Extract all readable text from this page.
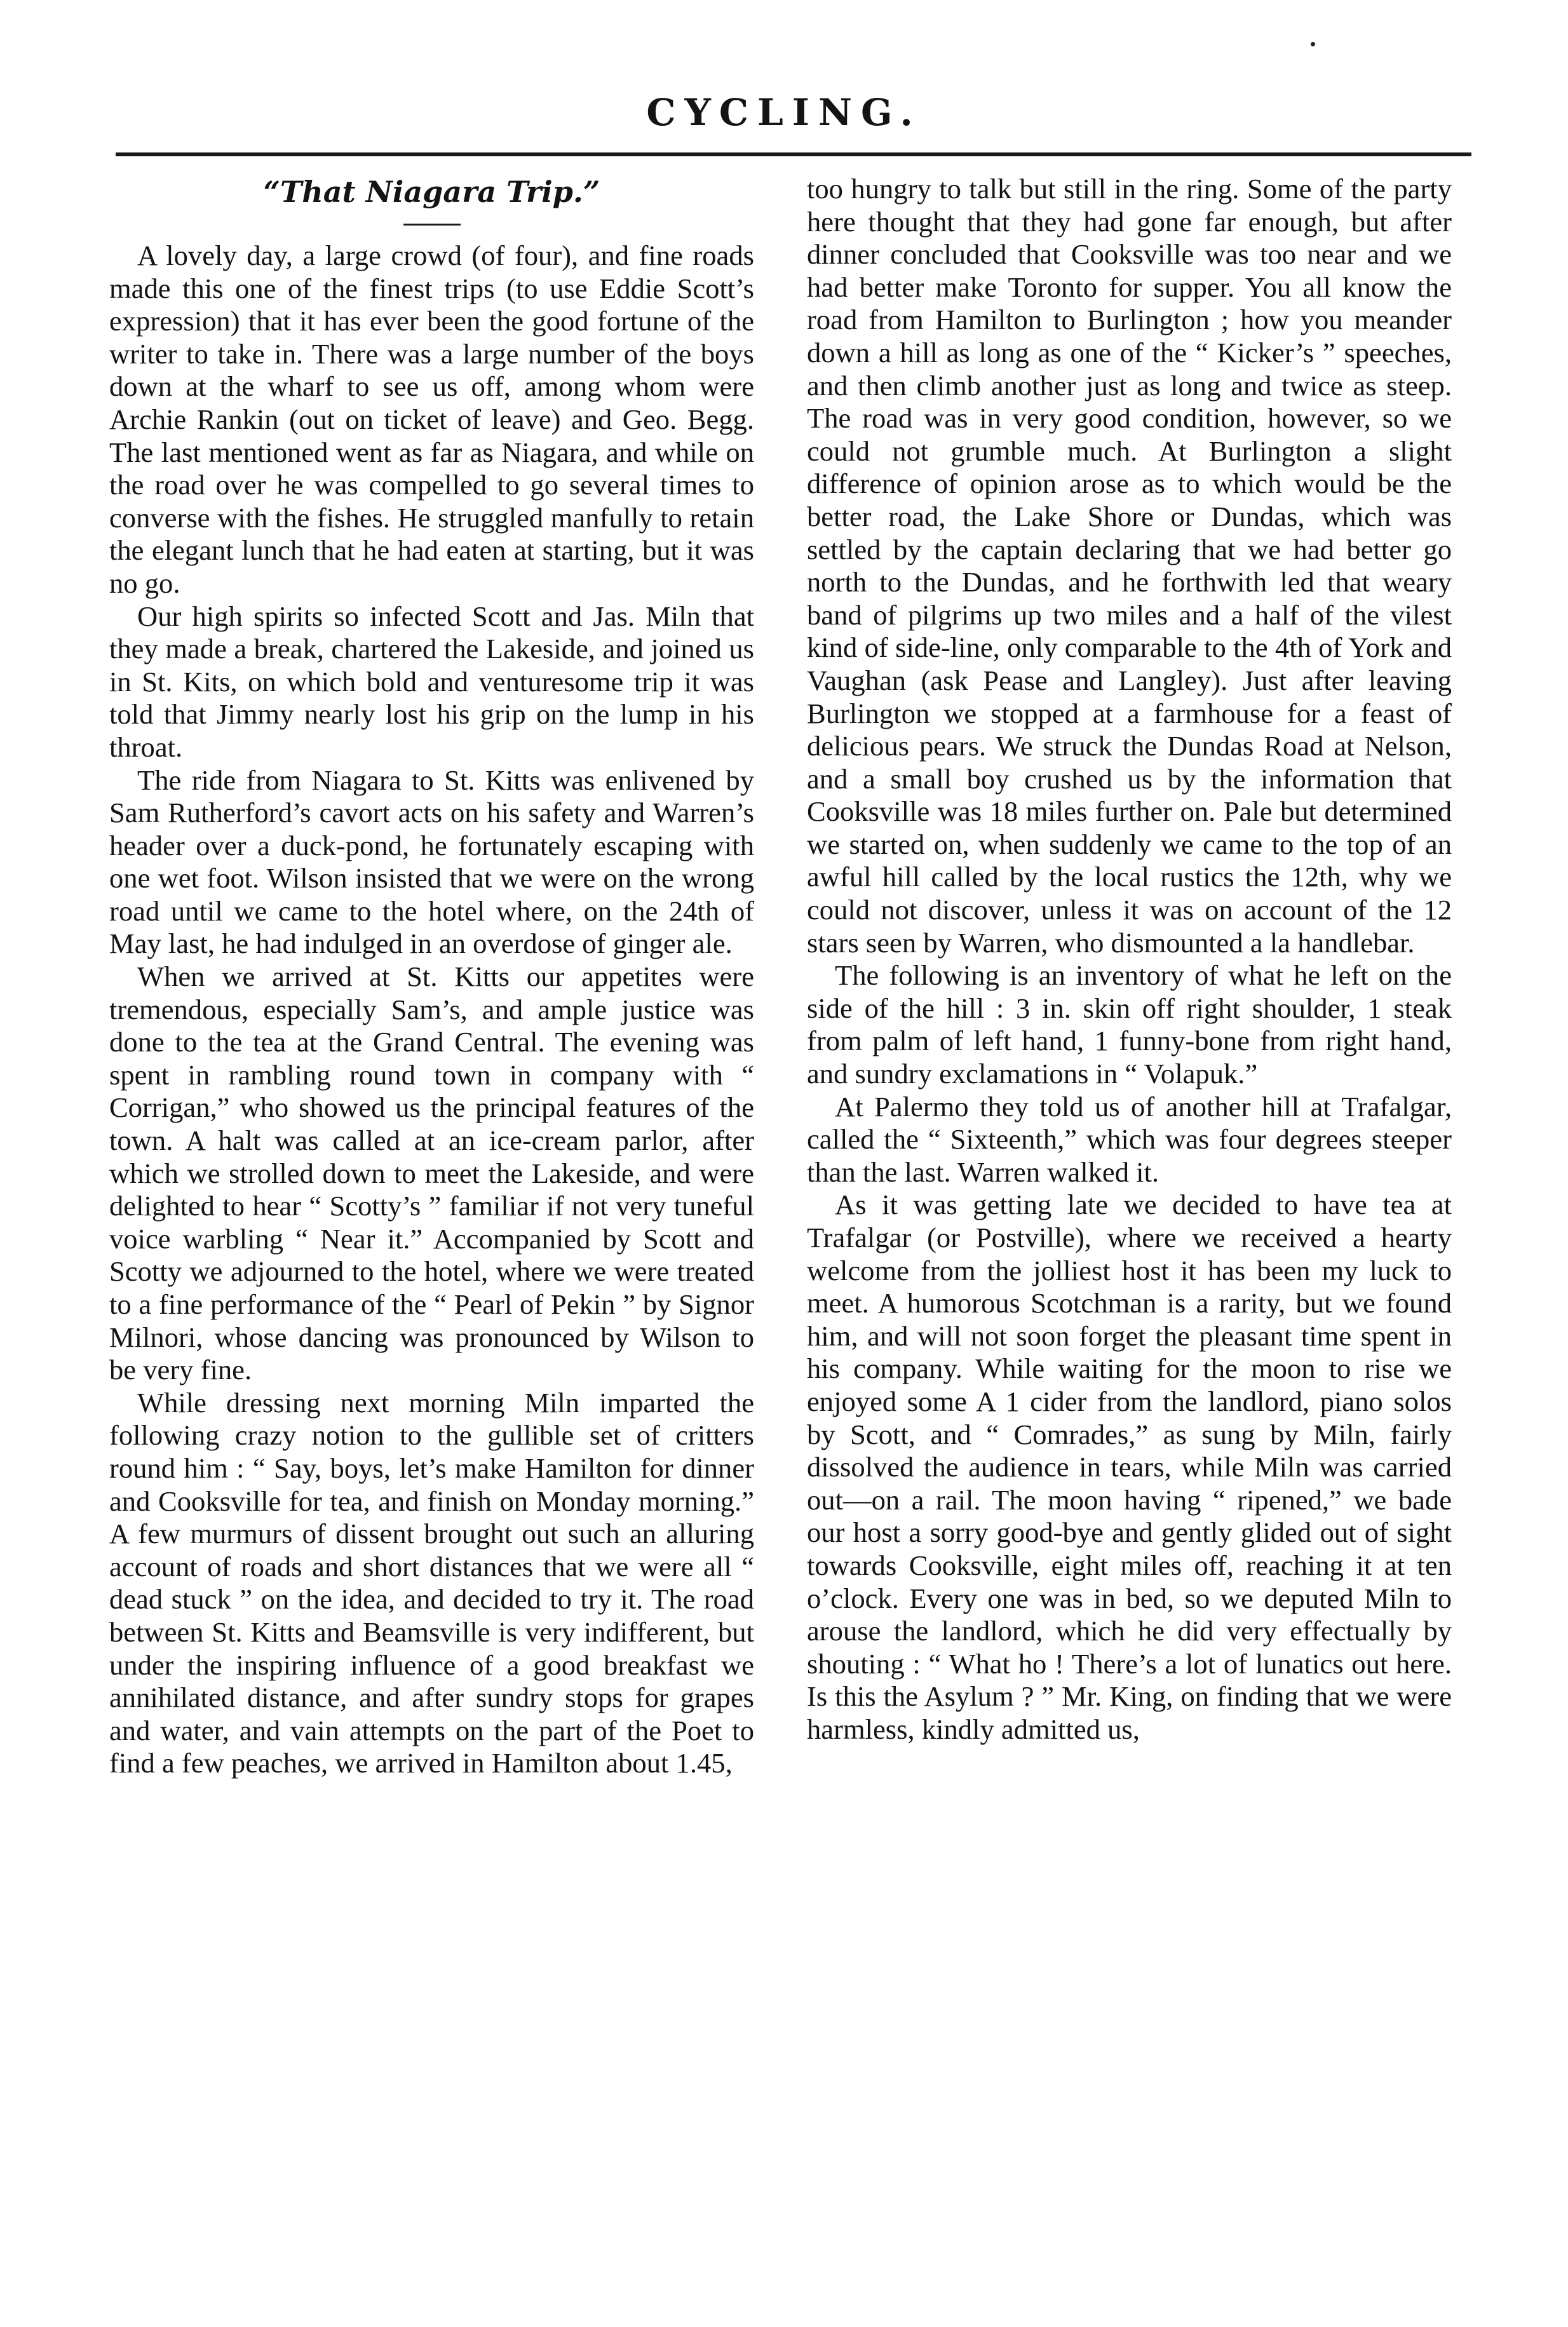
CYCLING.
“That Niagara Trip.”

A lovely day, a large crowd (of four), and fine roads made this one of the finest trips (to use Eddie Scott’s expression) that it has ever been the good fortune of the writer to take in. There was a large number of the boys down at the wharf to see us off, among whom were Archie Rankin (out on ticket of leave) and Geo. Begg. The last mentioned went as far as Niagara, and while on the road over he was compelled to go several times to converse with the fishes. He struggled manfully to retain the elegant lunch that he had eaten at starting, but it was no go.

Our high spirits so infected Scott and Jas. Miln that they made a break, chartered the Lakeside, and joined us in St. Kits, on which bold and venturesome trip it was told that Jimmy nearly lost his grip on the lump in his throat.

The ride from Niagara to St. Kitts was enlivened by Sam Rutherford’s cavort acts on his safety and Warren’s header over a duck-pond, he fortunately escaping with one wet foot. Wilson insisted that we were on the wrong road until we came to the hotel where, on the 24th of May last, he had indulged in an overdose of ginger ale.

When we arrived at St. Kitts our appetites were tremendous, especially Sam’s, and ample justice was done to the tea at the Grand Central. The evening was spent in rambling round town in company with “ Corrigan,” who showed us the principal features of the town. A halt was called at an ice-cream parlor, after which we strolled down to meet the Lakeside, and were delighted to hear “ Scotty’s ” familiar if not very tuneful voice warbling “ Near it.” Accompanied by Scott and Scotty we adjourned to the hotel, where we were treated to a fine performance of the “ Pearl of Pekin ” by Signor Milnori, whose dancing was pronounced by Wilson to be very fine.

While dressing next morning Miln imparted the following crazy notion to the gullible set of critters round him : “ Say, boys, let’s make Hamilton for dinner and Cooksville for tea, and finish on Monday morning.” A few murmurs of dissent brought out such an alluring account of roads and short distances that we were all “ dead stuck ” on the idea, and decided to try it. The road between St. Kitts and Beamsville is very indifferent, but under the inspiring influence of a good breakfast we annihilated distance, and after sundry stops for grapes and water, and vain attempts on the part of the Poet to find a few peaches, we arrived in Hamilton about 1.45,

too hungry to talk but still in the ring. Some of the party here thought that they had gone far enough, but after dinner concluded that Cooksville was too near and we had better make Toronto for supper. You all know the road from Hamilton to Burlington ; how you meander down a hill as long as one of the “ Kicker’s ” speeches, and then climb another just as long and twice as steep. The road was in very good condition, however, so we could not grumble much. At Burlington a slight difference of opinion arose as to which would be the better road, the Lake Shore or Dundas, which was settled by the captain declaring that we had better go north to the Dundas, and he forthwith led that weary band of pilgrims up two miles and a half of the vilest kind of side-line, only comparable to the 4th of York and Vaughan (ask Pease and Langley). Just after leaving Burlington we stopped at a farmhouse for a feast of delicious pears. We struck the Dundas Road at Nelson, and a small boy crushed us by the information that Cooksville was 18 miles further on. Pale but determined we started on, when suddenly we came to the top of an awful hill called by the local rustics the 12th, why we could not discover, unless it was on account of the 12 stars seen by Warren, who dismounted a la handlebar.

The following is an inventory of what he left on the side of the hill : 3 in. skin off right shoulder, 1 steak from palm of left hand, 1 funny-bone from right hand, and sundry exclamations in “ Volapuk.”

At Palermo they told us of another hill at Trafalgar, called the “ Sixteenth,” which was four degrees steeper than the last. Warren walked it.

As it was getting late we decided to have tea at Trafalgar (or Postville), where we received a hearty welcome from the jolliest host it has been my luck to meet. A humorous Scotchman is a rarity, but we found him, and will not soon forget the pleasant time spent in his company. While waiting for the moon to rise we enjoyed some A 1 cider from the landlord, piano solos by Scott, and “ Comrades,” as sung by Miln, fairly dissolved the audience in tears, while Miln was carried out—on a rail. The moon having “ ripened,” we bade our host a sorry good-bye and gently glided out of sight towards Cooksville, eight miles off, reaching it at ten o’clock. Every one was in bed, so we deputed Miln to arouse the landlord, which he did very effectually by shouting : “ What ho ! There’s a lot of lunatics out here. Is this the Asylum ? ” Mr. King, on finding that we were harmless, kindly admitted us,
